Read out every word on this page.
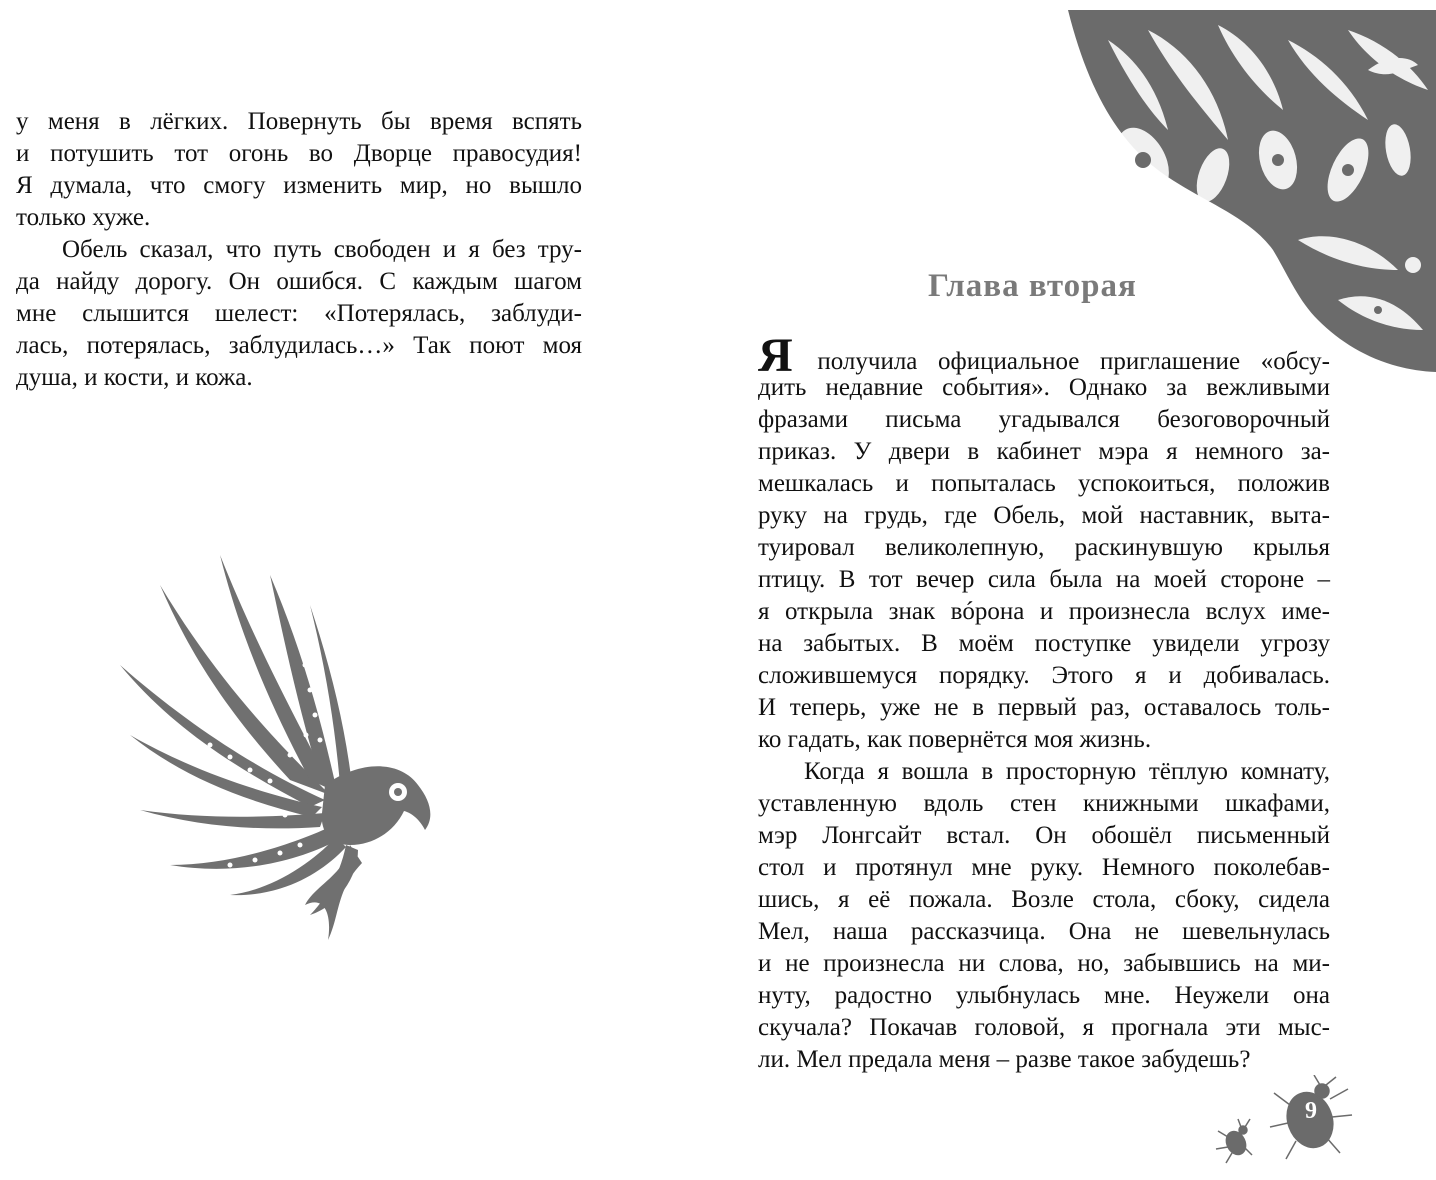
у меня в лёгких. Повернуть бы время вспять
и потушить тот огонь во Дворце правосудия!
Я думала, что смогу изменить мир, но вышло
только хуже.
Обель сказал, что путь свободен и я без тру-
да найду дорогу. Он ошибся. С каждым шагом
мне слышится шелест: «Потерялась, заблуди-
лась, потерялась, заблудилась…» Так поют моя
душа, и кости, и кожа.
Глава вторая
Я получила официальное приглашение «обсу-
дить недавние события». Однако за вежливыми
фразами письма угадывался безоговорочный
приказ. У двери в кабинет мэра я немного за-
мешкалась и попыталась успокоиться, положив
руку на грудь, где Обель, мой наставник, выта-
туировал великолепную, раскинувшую крылья
птицу. В тот вечер сила была на моей стороне –
я открыла знак вóрона и произнесла вслух име-
на забытых. В моём поступке увидели угрозу
сложившемуся порядку. Этого я и добивалась.
И теперь, уже не в первый раз, оставалось толь-
ко гадать, как повернётся моя жизнь.
Когда я вошла в просторную тёплую комнату,
уставленную вдоль стен книжными шкафами,
мэр Лонгсайт встал. Он обошёл письменный
стол и протянул мне руку. Немного поколебав-
шись, я её пожала. Возле стола, сбоку, сидела
Мел, наша рассказчица. Она не шевельнулась
и не произнесла ни слова, но, забывшись на ми-
нуту, радостно улыбнулась мне. Неужели она
скучала? Покачав головой, я прогнала эти мыс-
ли. Мел предала меня – разве такое забудешь?
9
